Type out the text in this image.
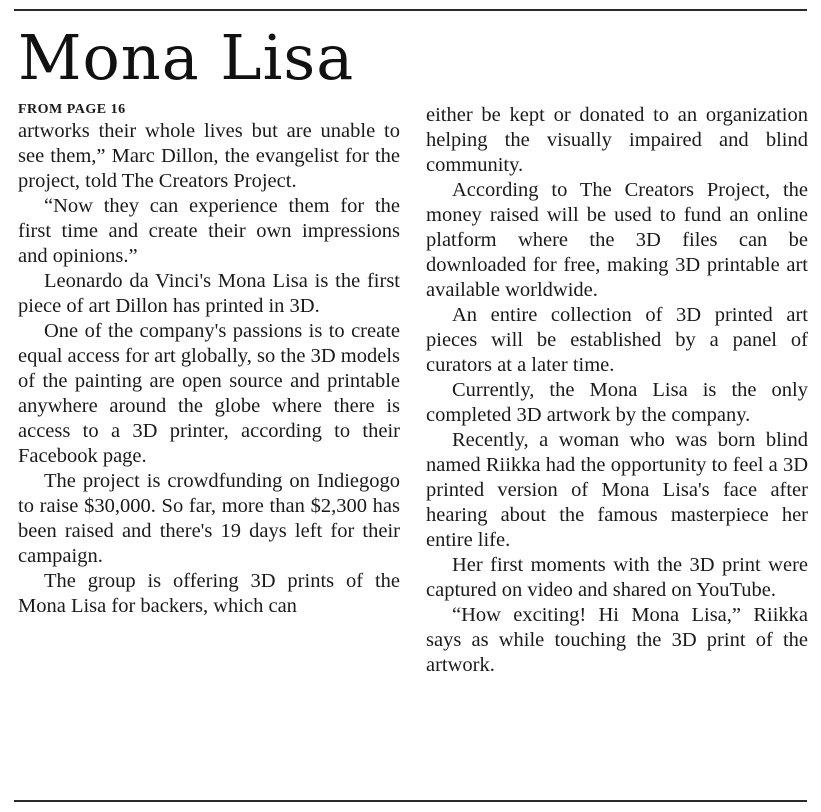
Mona Lisa
FROM PAGE 16

artworks their whole lives but are unable to see them,” Marc Dillon, the evangelist for the project, told The Creators Project.

“Now they can experience them for the first time and create their own impressions and opinions.”

Leonardo da Vinci's Mona Lisa is the first piece of art Dillon has printed in 3D.

One of the company's passions is to create equal access for art globally, so the 3D models of the painting are open source and printable anywhere around the globe where there is access to a 3D printer, according to their Facebook page.

The project is crowdfunding on Indiegogo to raise $30,000. So far, more than $2,300 has been raised and there's 19 days left for their campaign.

The group is offering 3D prints of the Mona Lisa for backers, which can

either be kept or donated to an organization helping the visually impaired and blind community.

According to The Creators Project, the money raised will be used to fund an online platform where the 3D files can be downloaded for free, making 3D printable art available worldwide.

An entire collection of 3D printed art pieces will be established by a panel of curators at a later time.

Currently, the Mona Lisa is the only completed 3D artwork by the company.

Recently, a woman who was born blind named Riikka had the opportunity to feel a 3D printed version of Mona Lisa's face after hearing about the famous masterpiece her entire life.

Her first moments with the 3D print were captured on video and shared on YouTube.

“How exciting! Hi Mona Lisa,” Riikka says as while touching the 3D print of the artwork.
